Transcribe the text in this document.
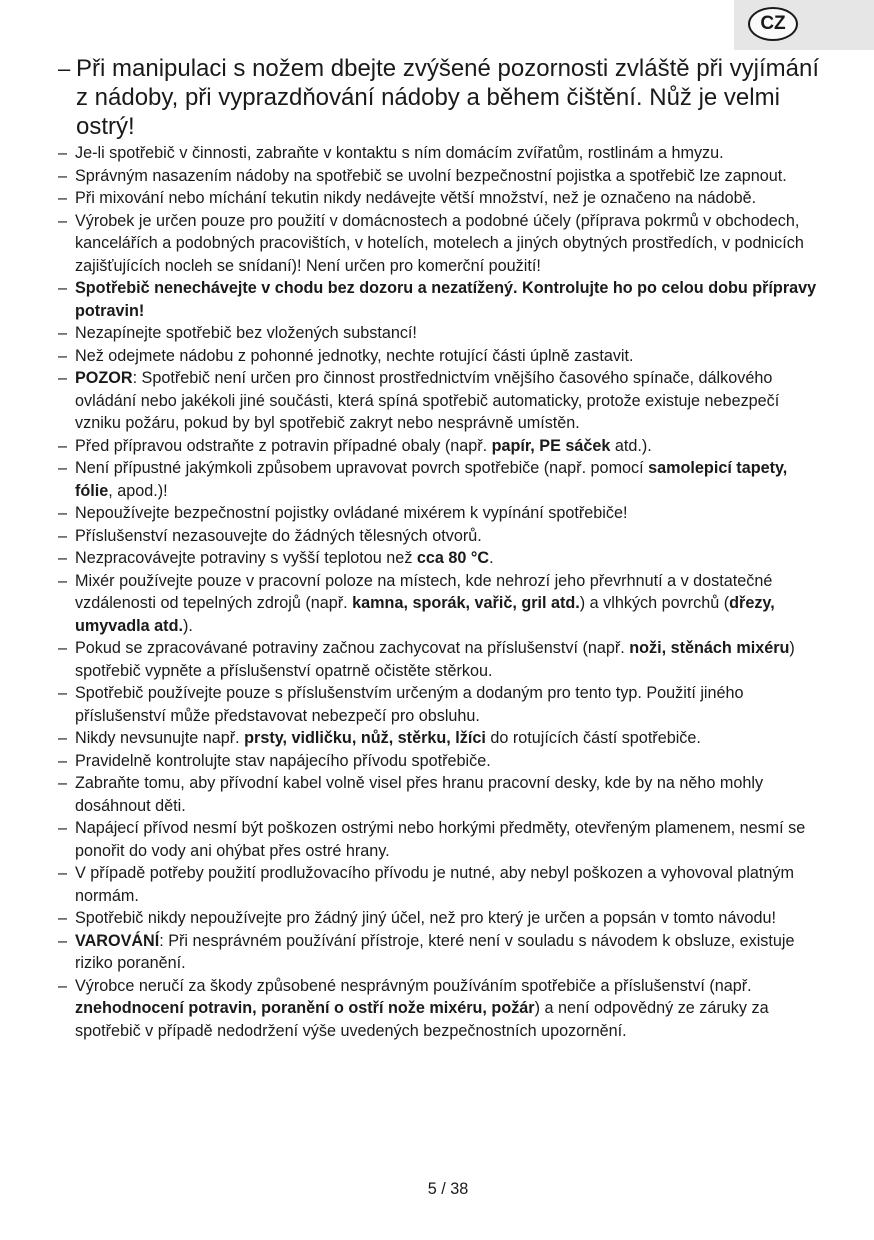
CZ
– Při manipulaci s nožem dbejte zvýšené pozornosti zvláště při vyjímání z nádoby, při vyprazdňování nádoby a během čištění. Nůž je velmi ostrý!
– Je-li spotřebič v činnosti, zabraňte v kontaktu s ním domácím zvířatům, rostlinám a hmyzu.
– Správným nasazením nádoby na spotřebič se uvolní bezpečnostní pojistka a spotřebič lze zapnout.
– Při mixování nebo míchání tekutin nikdy nedávejte větší množství, než je označeno na nádobě.
– Výrobek je určen pouze pro použití v domácnostech a podobné účely (příprava pokrmů v obchodech, kancelářích a podobných pracovištích, v hotelích, motelech a jiných obytných prostředích, v podnicích zajišťujících nocleh se snídaní)! Není určen pro komerční použití!
– Spotřebič nenechávejte v chodu bez dozoru a nezatížený. Kontrolujte ho po celou dobu přípravy potravin!
– Nezapínejte spotřebič bez vložených substancí!
– Než odejmete nádobu z pohonné jednotky, nechte rotující části úplně zastavit.
– POZOR: Spotřebič není určen pro činnost prostřednictvím vnějšího časového spínače, dálkového ovládání nebo jakékoli jiné součásti, která spíná spotřebič automaticky, protože existuje nebezpečí vzniku požáru, pokud by byl spotřebič zakryt nebo nesprávně umístěn.
– Před přípravou odstraňte z potravin případné obaly (např. papír, PE sáček atd.).
– Není přípustné jakýmkoli způsobem upravovat povrch spotřebiče (např. pomocí samolepicí tapety, fólie, apod.)!
– Nepoužívejte bezpečnostní pojistky ovládané mixérem k vypínání spotřebiče!
– Příslušenství nezasouvejte do žádných tělesných otvorů.
– Nezpracovávejte potraviny s vyšší teplotou než cca 80 °C.
– Mixér používejte pouze v pracovní poloze na místech, kde nehrozí jeho převrhnutí a v dostatečné vzdálenosti od tepelných zdrojů (např. kamna, sporák, vařič, gril atd.) a vlhkých povrchů (dřezy, umyvadla atd.).
– Pokud se zpracovávané potraviny začnou zachycovat na příslušenství (např. noži, stěnách mixéru) spotřebič vypněte a příslušenství opatrně očistěte stěrkou.
– Spotřebič používejte pouze s příslušenstvím určeným a dodaným pro tento typ. Použití jiného příslušenství může představovat nebezpečí pro obsluhu.
– Nikdy nevsunujte např. prsty, vidličku, nůž, stěrku, lžíci do rotujících částí spotřebiče.
– Pravidelně kontrolujte stav napájecího přívodu spotřebiče.
– Zabraňte tomu, aby přívodní kabel volně visel přes hranu pracovní desky, kde by na něho mohly dosáhnout děti.
– Napájecí přívod nesmí být poškozen ostrými nebo horkými předměty, otevřeným plamenem, nesmí se ponořit do vody ani ohýbat přes ostré hrany.
– V případě potřeby použití prodlužovacího přívodu je nutné, aby nebyl poškozen a vyhovoval platným normám.
– Spotřebič nikdy nepoužívejte pro žádný jiný účel, než pro který je určen a popsán v tomto návodu!
– VAROVÁNÍ: Při nesprávném používání přístroje, které není v souladu s návodem k obsluze, existuje riziko poranění.
– Výrobce neručí za škody způsobené nesprávným používáním spotřebiče a příslušenství (např. znehodnocení potravin, poranění o ostří nože mixéru, požár) a není odpovědný ze záruky za spotřebič v případě nedodržení výše uvedených bezpečnostních upozornění.
5 / 38
